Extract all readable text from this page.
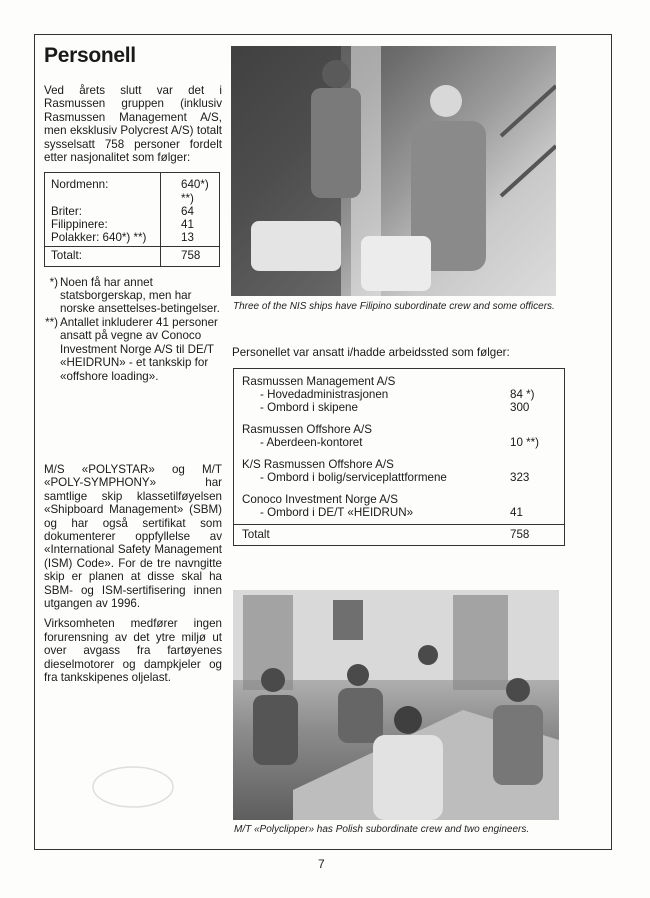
Personell

Ved årets slutt var det i Rasmussen gruppen (inklusiv Rasmussen Management A/S, men eksklusiv Polycrest A/S) totalt sysselsatt 758 personer fordelt etter nasjonalitet som følger:

Nordmenn:	640*) **)
Briter:	64
Filippinere:	41
Polakker: 640*) **)	13
Totalt:	758
*) Noen få har annet statsborgerskap, men har norske ansettelses-betingelser.
**) Antallet inkluderer 41 personer ansatt på vegne av Conoco Investment Norge A/S til DE/T «HEIDRUN» - et tankskip for «offshore loading».

M/S «POLYSTAR» og M/T «POLY-SYMPHONY» har samtlige skip klassetilføyelsen «Shipboard Management» (SBM) og har også sertifikat som dokumenterer oppfyllelse av «International Safety Management (ISM) Code». For de tre navngitte skip er planen at disse skal ha SBM- og ISM-sertifisering innen utgangen av 1996.

Virksomheten medfører ingen forurensning av det ytre miljø ut over avgass fra fartøyenes dieselmotorer og dampkjeler og fra tankskipenes oljelast.

Three of the NIS ships have Filipino subordinate crew and some officers.
Personellet var ansatt i/hadde arbeidssted som følger:
Rasmussen Management A/S
- Hovedadministrasjonen	84 *)
- Ombord i skipene	300
Rasmussen Offshore A/S
- Aberdeen-kontoret	10 **)
K/S Rasmussen Offshore A/S
- Ombord i bolig/serviceplattformene	323
Conoco Investment Norge A/S
- Ombord i DE/T «HEIDRUN»	41
Totalt	758
M/T «Polyclipper» has Polish subordinate crew and two engineers.
7
